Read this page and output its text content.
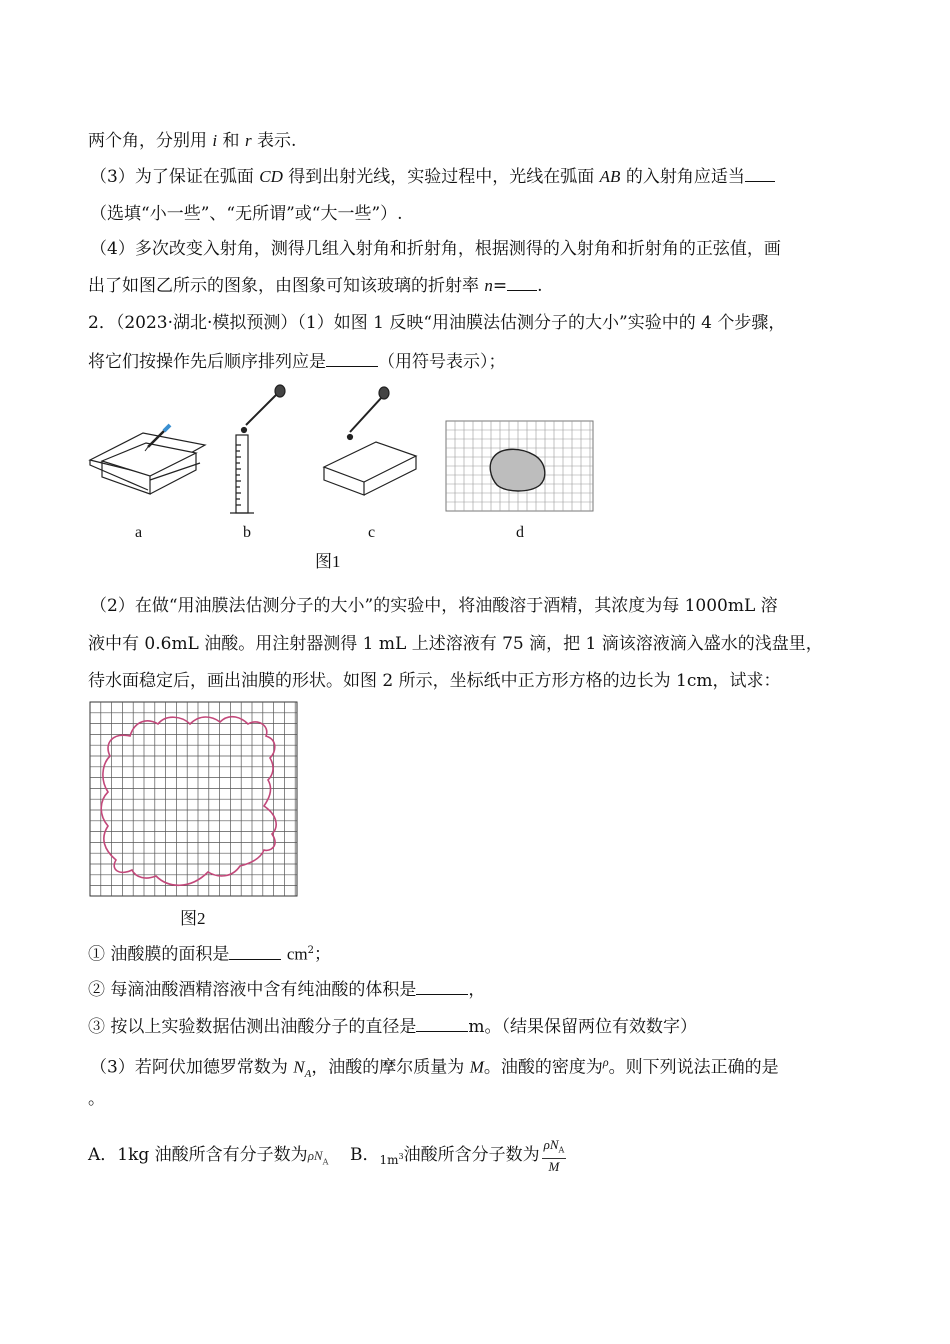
两个角，分别用 i 和 r 表示.
（3）为了保证在弧面 CD 得到出射光线，实验过程中，光线在弧面 AB 的入射角应适当
（选填“小一些”、“无所谓”或“大一些”）.
（4）多次改变入射角，测得几组入射角和折射角，根据测得的入射角和折射角的正弦值，画
出了如图乙所示的图象，由图象可知该玻璃的折射率 n= .
2．（2023·湖北·模拟预测）（1）如图 1 反映“用油膜法估测分子的大小”实验中的 4 个步骤，
将它们按操作先后顺序排列应是	（用符号表示）；
a	b	c	d
图1
（2）在做“用油膜法估测分子的大小”的实验中，将油酸溶于酒精，其浓度为每 1000mL 溶
液中有 0.6mL 油酸。用注射器测得 1 mL 上述溶液有 75 滴，把 1 滴该溶液滴入盛水的浅盘里，
待水面稳定后，画出油膜的形状。如图 2 所示，坐标纸中正方形方格的边长为 1cm，试求：
图2
① 油酸膜的面积是	$cm^2$；
② 每滴油酸酒精溶液中含有纯油酸的体积是	，
③ 按以上实验数据估测出油酸分子的直径是	m。（结果保留两位有效数字）
（3）若阿伏加德罗常数为 $N_A$，油酸的摩尔质量为 M。油酸的密度为$^\rho$。则下列说法正确的是
。
A．1kg 油酸所含有分子数为$\rho N_A$ B．$_{1m^3}$油酸所含分子数为
$\rho N_A$
M
